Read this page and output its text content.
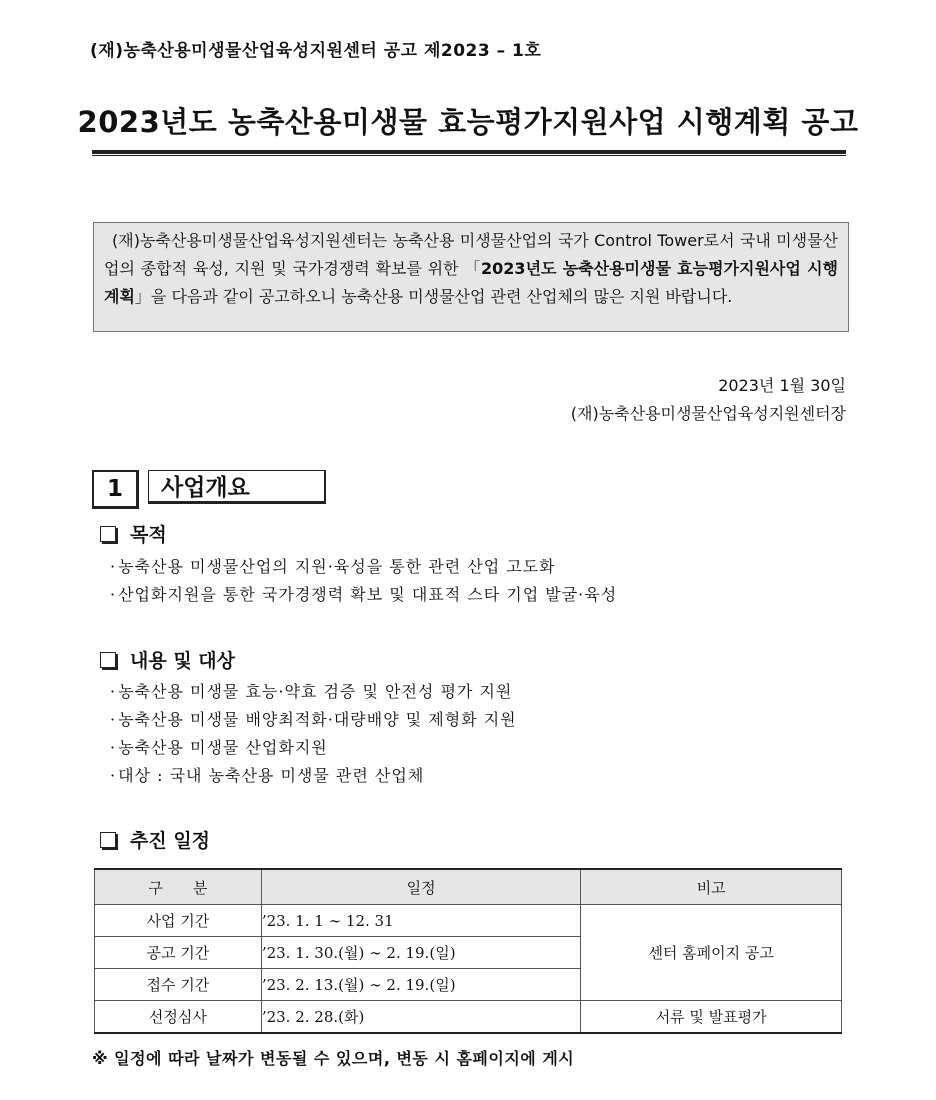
(재)농축산용미생물산업육성지원센터 공고 제2023 – 1호
2023년도 농축산용미생물 효능평가지원사업 시행계획 공고
(재)농축산용미생물산업육성지원센터는 농축산용 미생물산업의 국가 Control Tower로서 국내 미생물산업의 종합적 육성, 지원 및 국가경쟁력 확보를 위한 「2023년도 농축산용미생물 효능평가지원사업 시행계획」을 다음과 같이 공고하오니 농축산용 미생물산업 관련 산업체의 많은 지원 바랍니다.
2023년 1월 30일
(재)농축산용미생물산업육성지원센터장
1	사업개요
목적
· 농축산용 미생물산업의 지원·육성을 통한 관련 산업 고도화
· 산업화지원을 통한 국가경쟁력 확보 및 대표적 스타 기업 발굴·육성
내용 및 대상
· 농축산용 미생물 효능·약효 검증 및 안전성 평가 지원
· 농축산용 미생물 배양최적화·대량배양 및 제형화 지원
· 농축산용 미생물 산업화지원
· 대상 : 국내 농축산용 미생물 관련 산업체
추진 일정
구　　분	일정	비고
사업 기간	’23. 1. 1 ∼ 12. 31	센터 홈페이지 공고
공고 기간	’23. 1. 30.(월) ∼ 2. 19.(일)	
접수 기간	’23. 2. 13.(월) ∼ 2. 19.(일)	
선정심사	’23. 2. 28.(화)	서류 및 발표평가
※ 일정에 따라 날짜가 변동될 수 있으며, 변동 시 홈페이지에 게시
